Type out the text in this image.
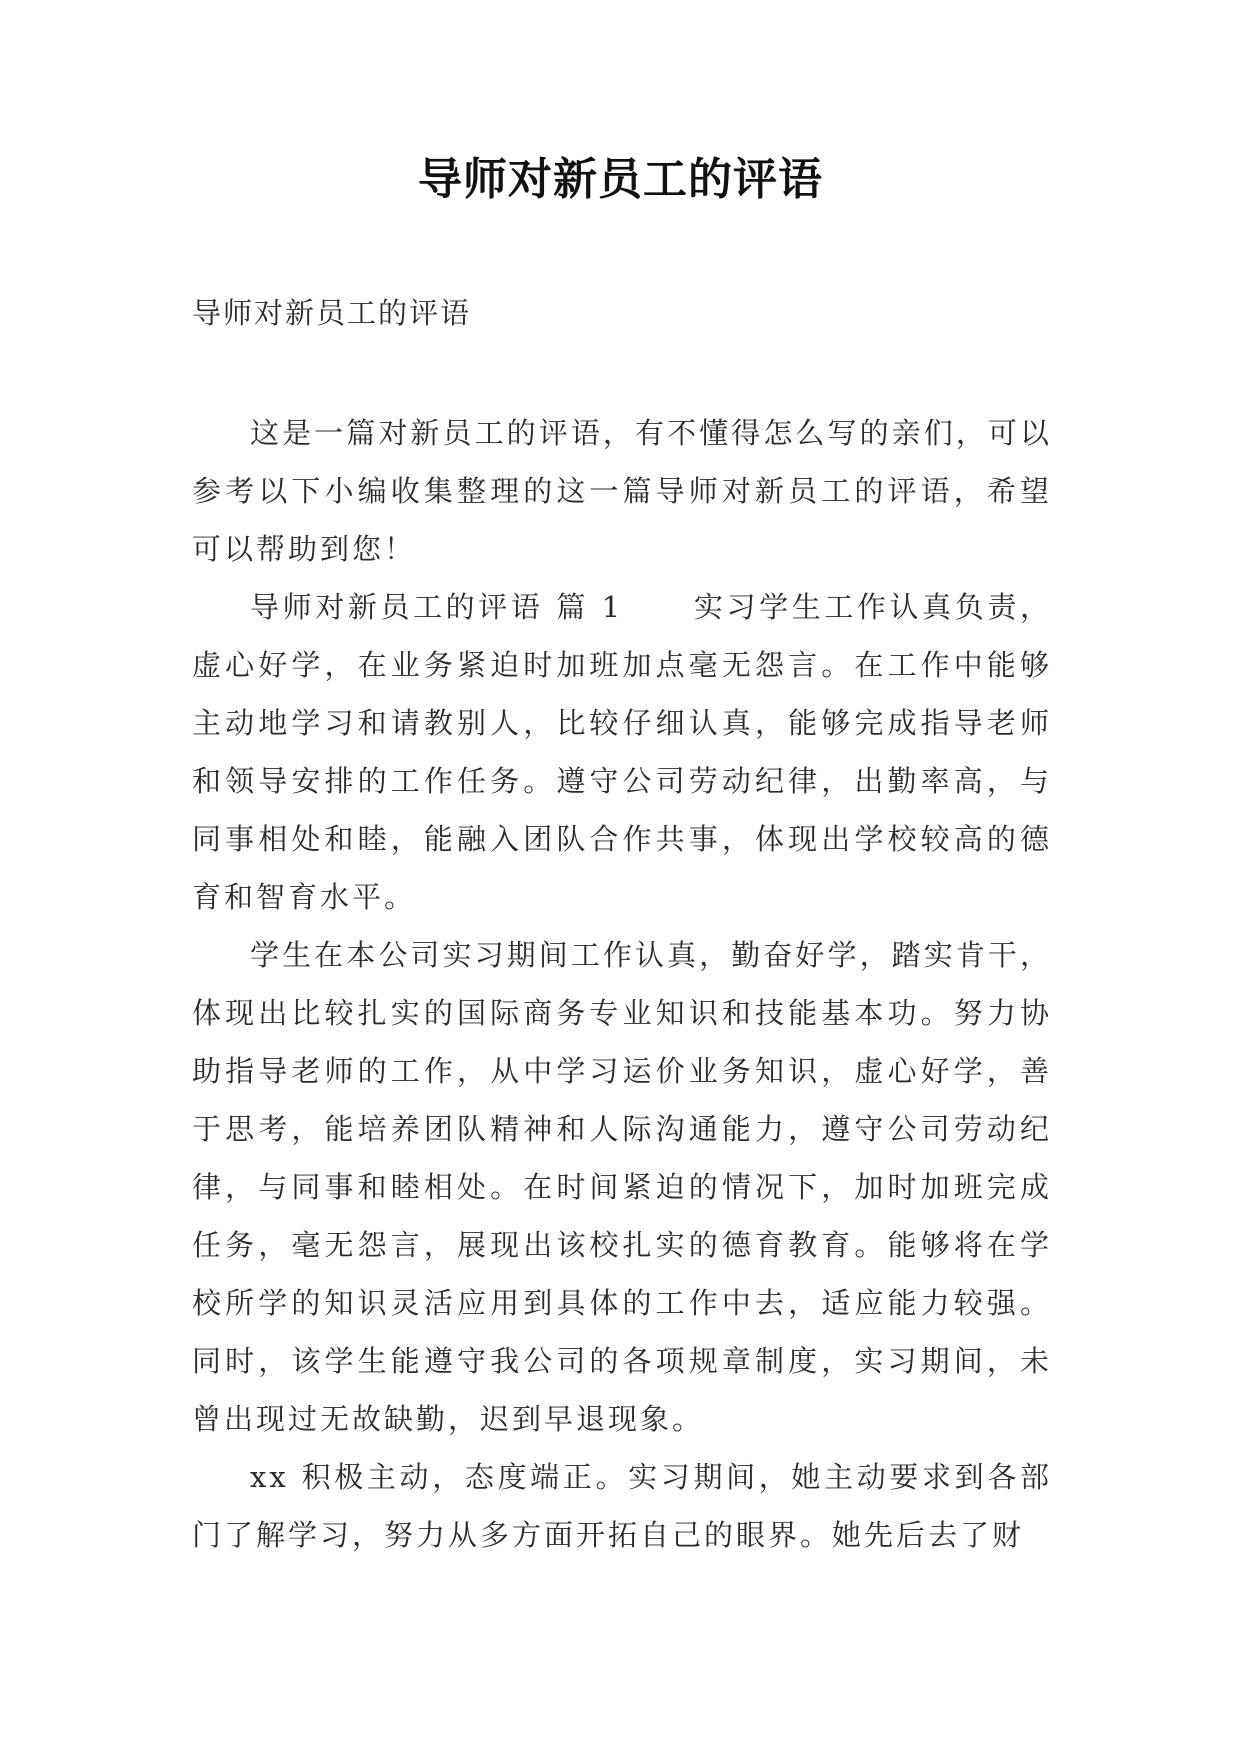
导师对新员工的评语
导师对新员工的评语

这是一篇对新员工的评语，有不懂得怎么写的亲们，可以参考以下小编收集整理的这一篇导师对新员工的评语，希望可以帮助到您！

导师对新员工的评语 篇 1 实习学生工作认真负责，虚心好学，在业务紧迫时加班加点毫无怨言。在工作中能够主动地学习和请教别人，比较仔细认真，能够完成指导老师和领导安排的工作任务。遵守公司劳动纪律，出勤率高，与同事相处和睦，能融入团队合作共事，体现出学校较高的德育和智育水平。

学生在本公司实习期间工作认真，勤奋好学，踏实肯干，体现出比较扎实的国际商务专业知识和技能基本功。努力协助指导老师的工作，从中学习运价业务知识，虚心好学，善于思考，能培养团队精神和人际沟通能力，遵守公司劳动纪律，与同事和睦相处。在时间紧迫的情况下，加时加班完成任务，毫无怨言，展现出该校扎实的德育教育。能够将在学校所学的知识灵活应用到具体的工作中去，适应能力较强。同时，该学生能遵守我公司的各项规章制度，实习期间，未曾出现过无故缺勤，迟到早退现象。

xx 积极主动，态度端正。实习期间，她主动要求到各部门了解学习，努力从多方面开拓自己的眼界。她先后去了财
